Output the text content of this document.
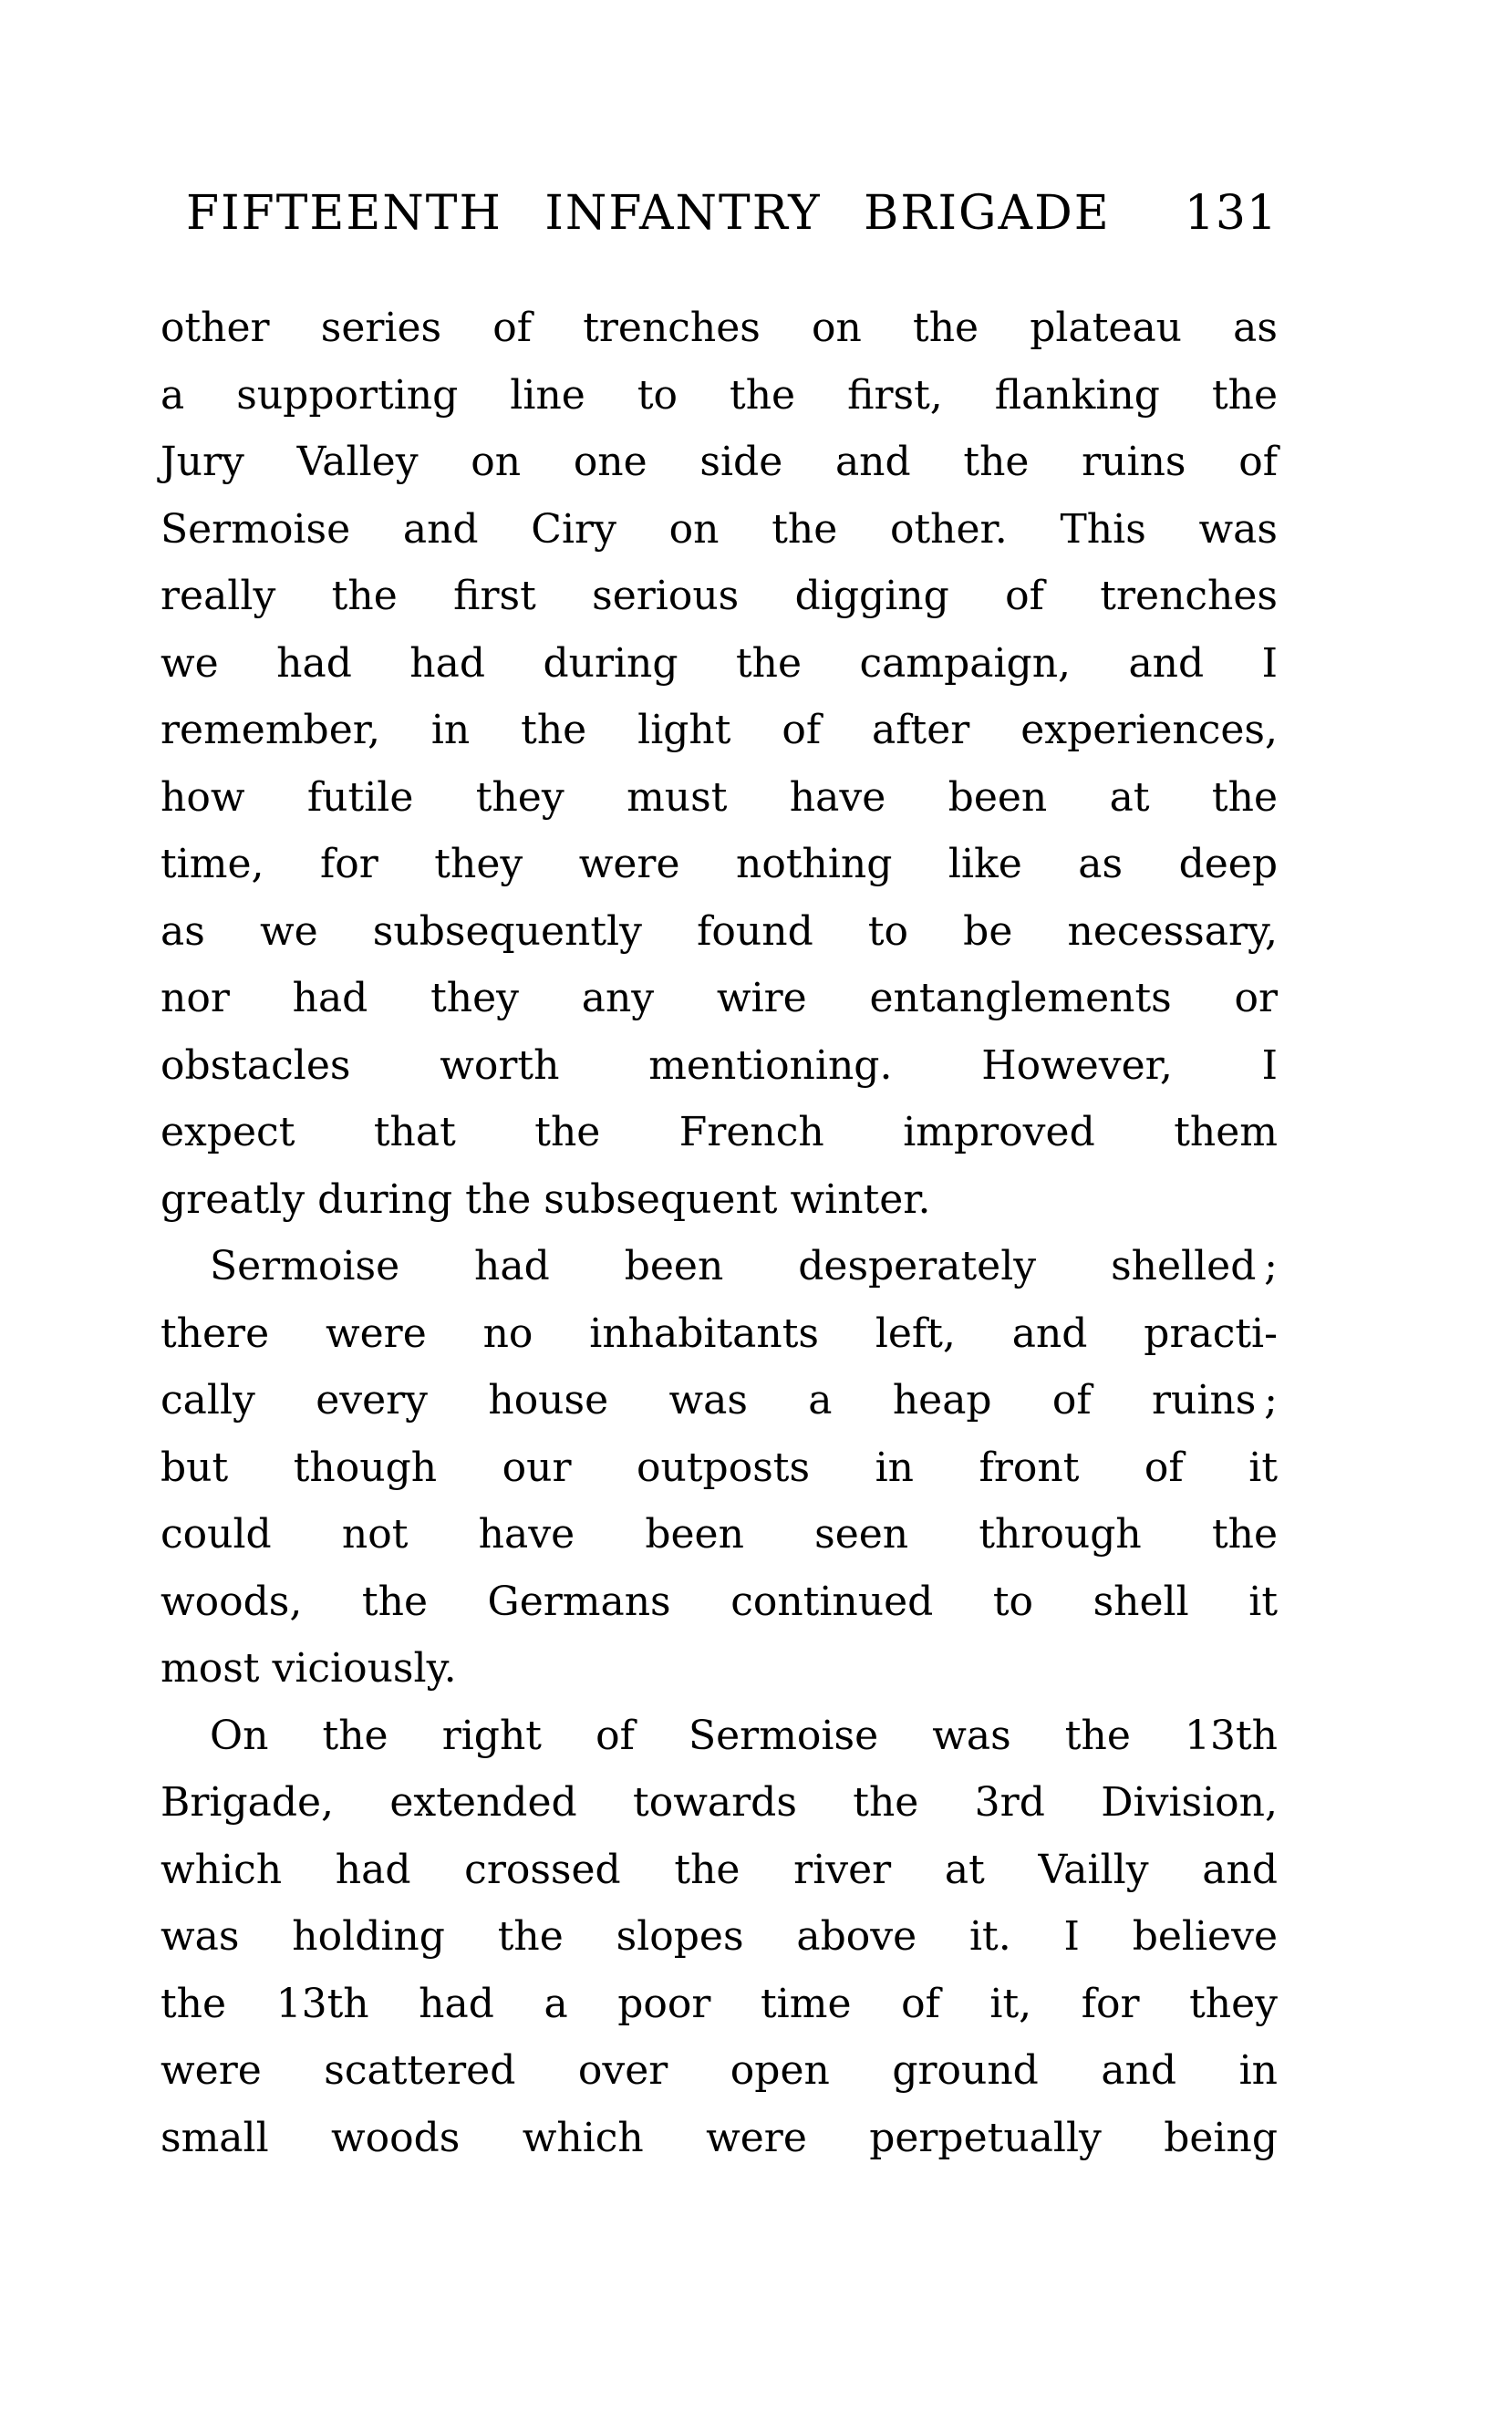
FIFTEENTH INFANTRY BRIGADE 131
other series of trenches on the plateau as
a supporting line to the first, flanking the
Jury Valley on one side and the ruins of
Sermoise and Ciry on the other. This was
really the first serious digging of trenches
we had had during the campaign, and I
remember, in the light of after experiences,
how futile they must have been at the
time, for they were nothing like as deep
as we subsequently found to be necessary,
nor had they any wire entanglements or
obstacles worth mentioning. However, I
expect that the French improved them
greatly during the subsequent winter.
Sermoise had been desperately shelled ;
there were no inhabitants left, and practi-
cally every house was a heap of ruins ;
but though our outposts in front of it
could not have been seen through the
woods, the Germans continued to shell it
most viciously.
On the right of Sermoise was the 13th
Brigade, extended towards the 3rd Division,
which had crossed the river at Vailly and
was holding the slopes above it. I believe
the 13th had a poor time of it, for they
were scattered over open ground and in
small woods which were perpetually being
